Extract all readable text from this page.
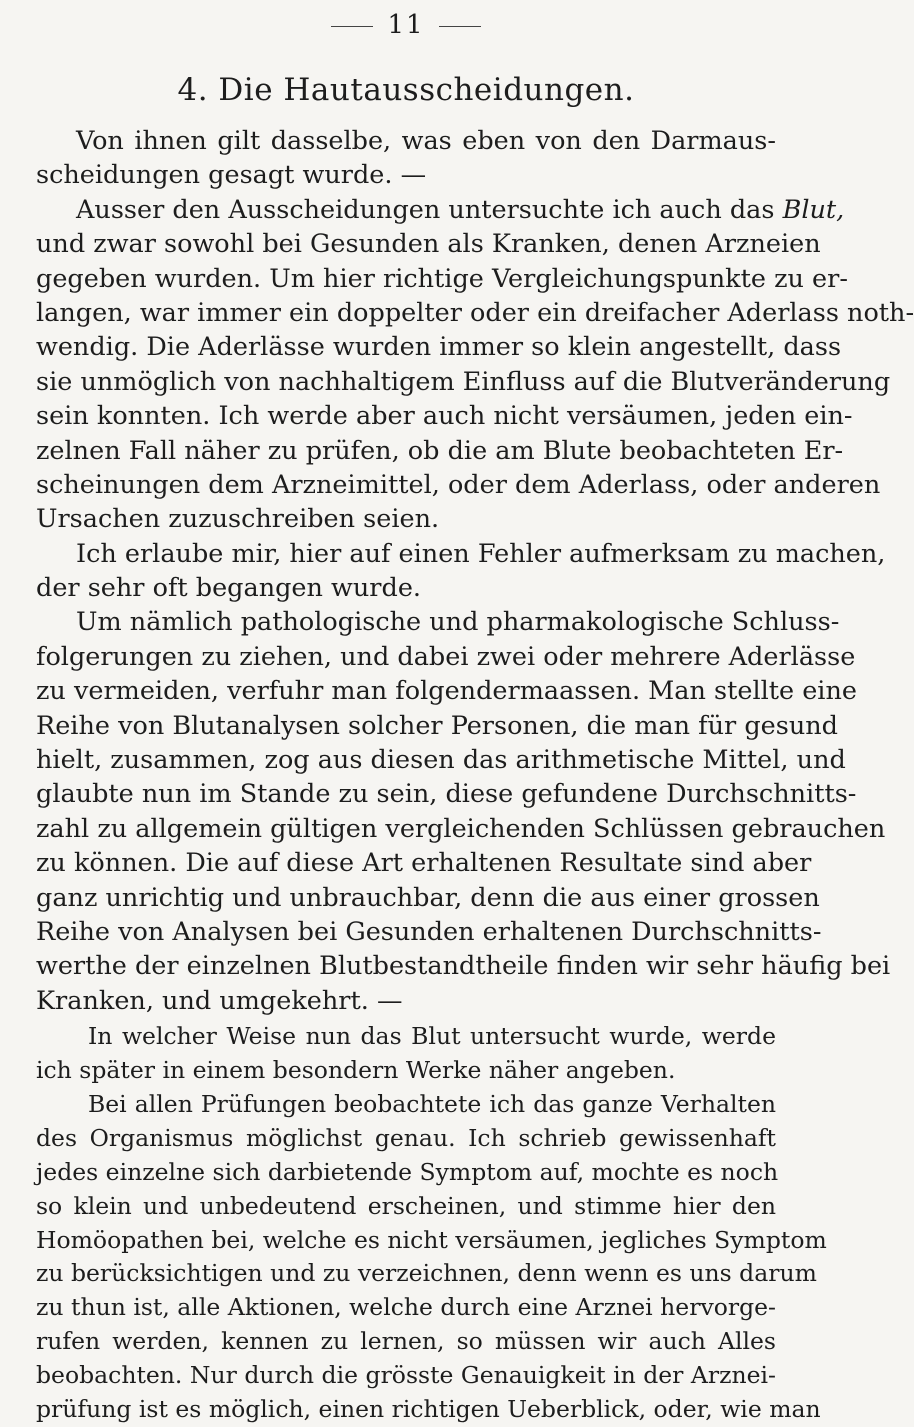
11
4. Die Hautausscheidungen.
Von ihnen gilt dasselbe, was eben von den Darmaus-
scheidungen gesagt wurde. —
Ausser den Ausscheidungen untersuchte ich auch das Blut,
und zwar sowohl bei Gesunden als Kranken, denen Arzneien
gegeben wurden. Um hier richtige Vergleichungspunkte zu er-
langen, war immer ein doppelter oder ein dreifacher Aderlass noth-
wendig. Die Aderlässe wurden immer so klein angestellt, dass
sie unmöglich von nachhaltigem Einfluss auf die Blutveränderung
sein konnten. Ich werde aber auch nicht versäumen, jeden ein-
zelnen Fall näher zu prüfen, ob die am Blute beobachteten Er-
scheinungen dem Arzneimittel, oder dem Aderlass, oder anderen
Ursachen zuzuschreiben seien.
Ich erlaube mir, hier auf einen Fehler aufmerksam zu machen,
der sehr oft begangen wurde.
Um nämlich pathologische und pharmakologische Schluss-
folgerungen zu ziehen, und dabei zwei oder mehrere Aderlässe
zu vermeiden, verfuhr man folgendermaassen. Man stellte eine
Reihe von Blutanalysen solcher Personen, die man für gesund
hielt, zusammen, zog aus diesen das arithmetische Mittel, und
glaubte nun im Stande zu sein, diese gefundene Durchschnitts-
zahl zu allgemein gültigen vergleichenden Schlüssen gebrauchen
zu können. Die auf diese Art erhaltenen Resultate sind aber
ganz unrichtig und unbrauchbar, denn die aus einer grossen
Reihe von Analysen bei Gesunden erhaltenen Durchschnitts-
werthe der einzelnen Blutbestandtheile finden wir sehr häufig bei
Kranken, und umgekehrt. —
In welcher Weise nun das Blut untersucht wurde, werde
ich später in einem besondern Werke näher angeben.
Bei allen Prüfungen beobachtete ich das ganze Verhalten
des Organismus möglichst genau. Ich schrieb gewissenhaft
jedes einzelne sich darbietende Symptom auf, mochte es noch
so klein und unbedeutend erscheinen, und stimme hier den
Homöopathen bei, welche es nicht versäumen, jegliches Symptom
zu berücksichtigen und zu verzeichnen, denn wenn es uns darum
zu thun ist, alle Aktionen, welche durch eine Arznei hervorge-
rufen werden, kennen zu lernen, so müssen wir auch Alles
beobachten. Nur durch die grösste Genauigkeit in der Arznei-
prüfung ist es möglich, einen richtigen Ueberblick, oder, wie man
